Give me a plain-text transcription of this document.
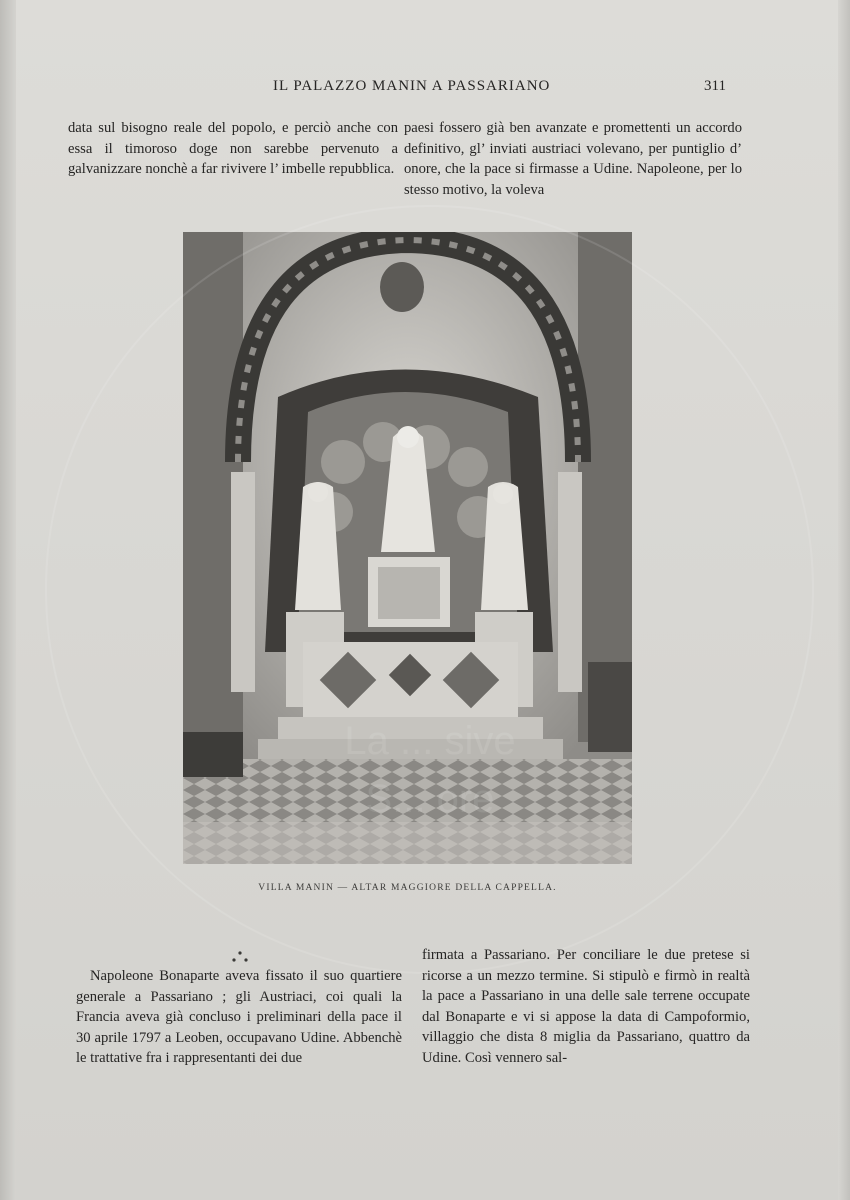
IL PALAZZO MANIN A PASSARIANO	311

data sul bisogno reale del popolo, e perciò anche con essa il timoroso doge non sarebbe pervenuto a galvanizzare nonchè a far rivivere l’ imbelle repubblica.

paesi fossero già ben avanzate e promettenti un accordo definitivo, gl’ inviati austriaci volevano, per puntiglio d’ onore, che la pace si firmasse a Udine. Napoleone, per lo stesso motivo, la voleva

VILLA MANIN — ALTAR MAGGIORE DELLA CAPPELLA.

Napoleone Bonaparte aveva fissato il suo quartiere generale a Passariano ; gli Austriaci, coi quali la Francia aveva già concluso i preliminari della pace il 30 aprile 1797 a Leoben, occupavano Udine. Abbenchè le trattative fra i rappresentanti dei due

firmata a Passariano. Per conciliare le due pretese si ricorse a un mezzo termine. Si stipulò e firmò in realtà la pace a Passariano in una delle sale terrene occupate dal Bonaparte e vi si appose la data di Campoformio, villaggio che dista 8 miglia da Passariano, quattro da Udine. Così vennero sal-
